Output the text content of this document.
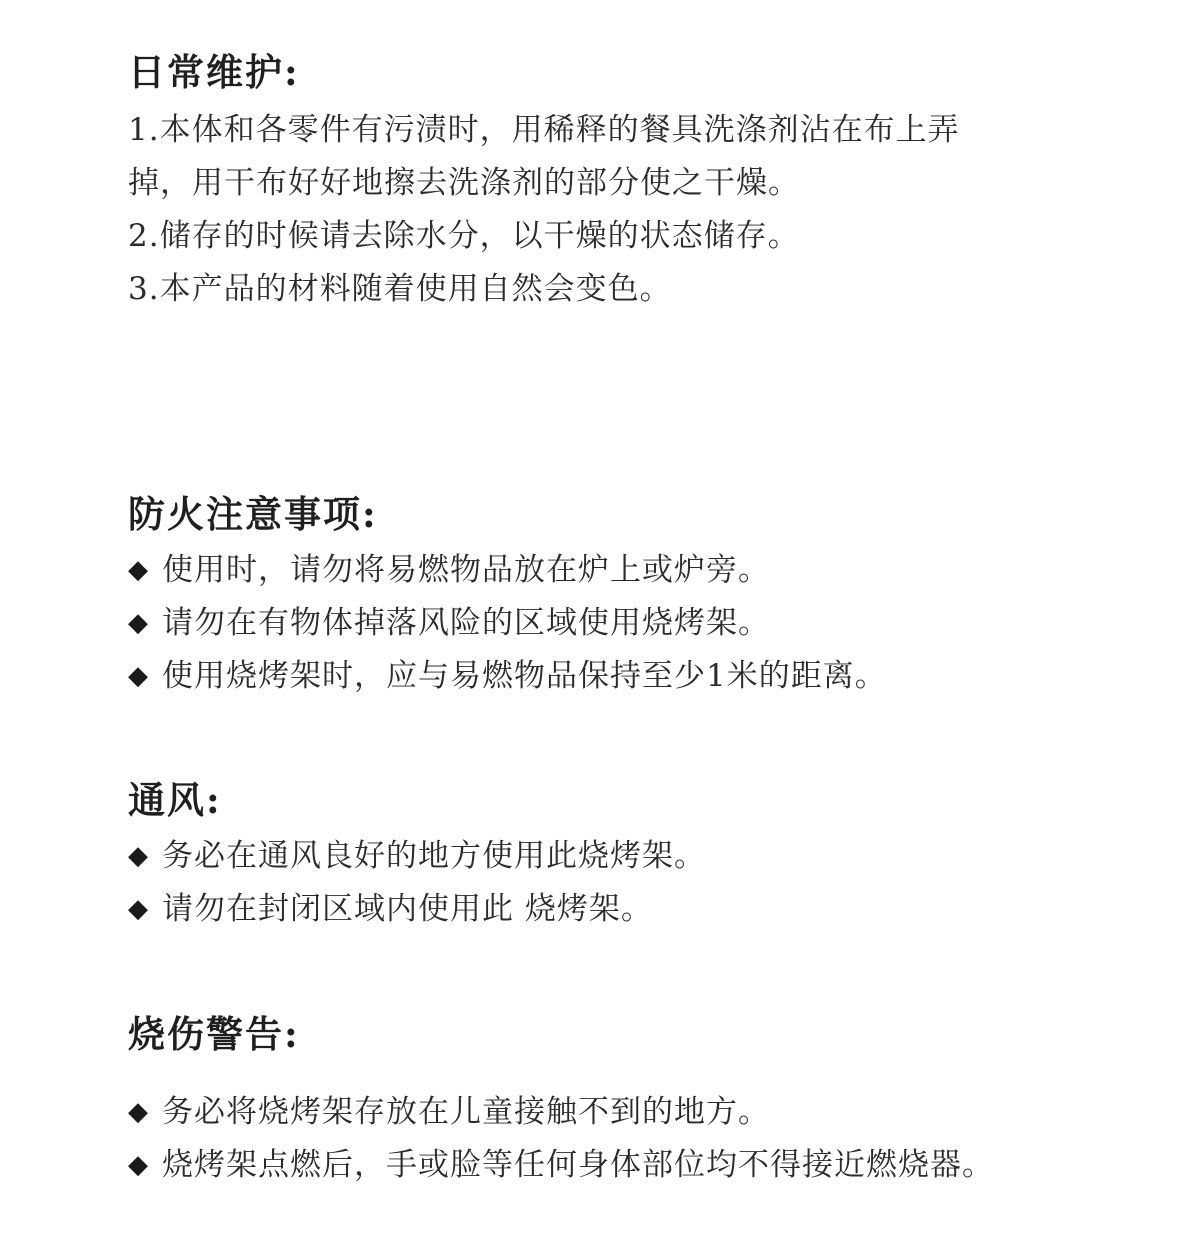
日常维护:

1.本体和各零件有污渍时，用稀释的餐具洗涤剂沾在布上弄

掉，用干布好好地擦去洗涤剂的部分使之干燥。

2.储存的时候请去除水分，以干燥的状态储存。

3.本产品的材料随着使用自然会变色。

防火注意事项:

◆ 使用时，请勿将易燃物品放在炉上或炉旁。

◆ 请勿在有物体掉落风险的区域使用烧烤架。

◆ 使用烧烤架时，应与易燃物品保持至少1米的距离。

通风:

◆ 务必在通风良好的地方使用此烧烤架。

◆ 请勿在封闭区域内使用此 烧烤架。

烧伤警告:

◆ 务必将烧烤架存放在儿童接触不到的地方。

◆ 烧烤架点燃后，手或脸等任何身体部位均不得接近燃烧器。
